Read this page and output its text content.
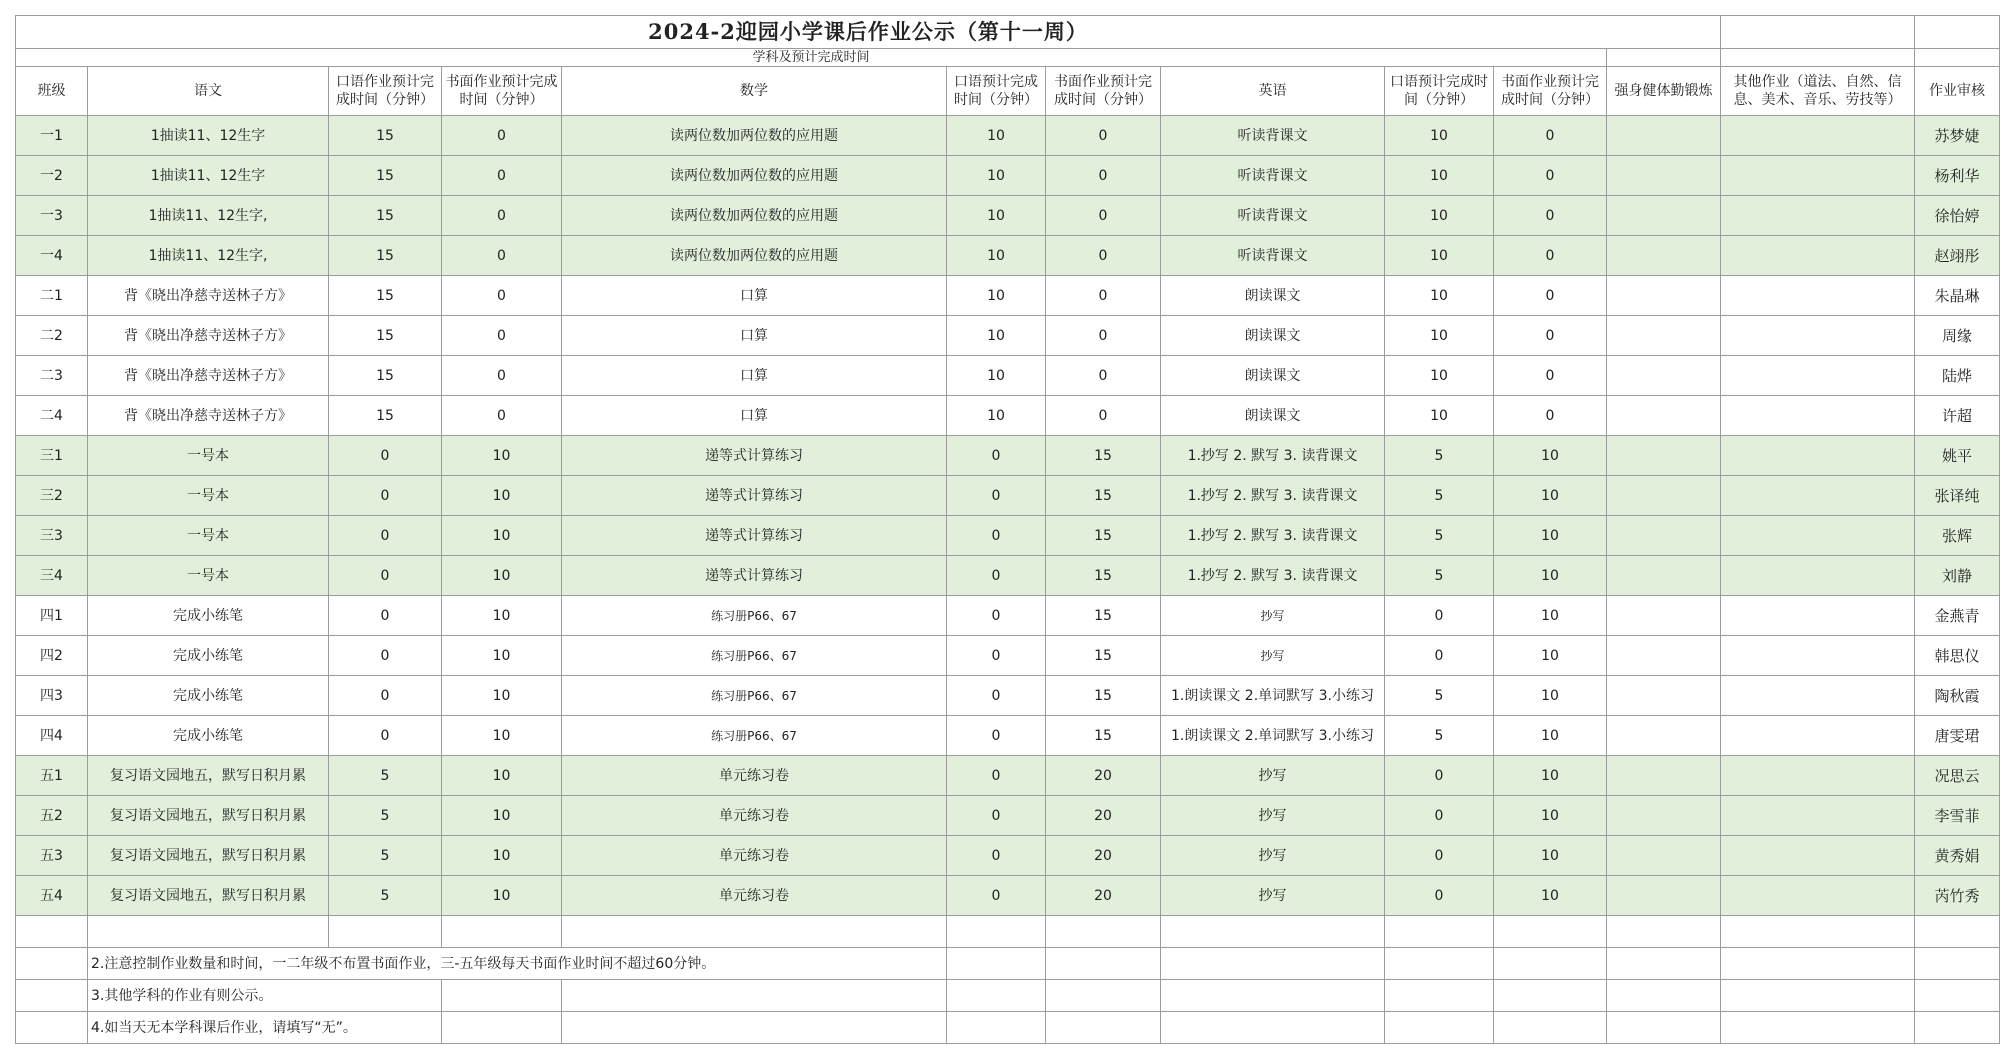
2024-2迎园小学课后作业公示（第十一周）												
学科及预计完成时间												
班级	语文	口语作业预计完成时间（分钟）	书面作业预计完成时间（分钟）	数学	口语预计完成时间（分钟）	书面作业预计完成时间（分钟）	英语	口语预计完成时间（分钟）	书面作业预计完成时间（分钟）	强身健体勤锻炼	其他作业（道法、自然、信息、美术、音乐、劳技等）	作业审核
一1	1抽读11、12生字	15	0	读两位数加两位数的应用题	10	0	听读背课文	10	0			苏梦婕
一2	1抽读11、12生字	15	0	读两位数加两位数的应用题	10	0	听读背课文	10	0			杨利华
一3	1抽读11、12生字,	15	0	读两位数加两位数的应用题	10	0	听读背课文	10	0			徐怡婷
一4	1抽读11、12生字,	15	0	读两位数加两位数的应用题	10	0	听读背课文	10	0			赵翊彤
二1	背《晓出净慈寺送林子方》	15	0	口算	10	0	朗读课文	10	0			朱晶琳
二2	背《晓出净慈寺送林子方》	15	0	口算	10	0	朗读课文	10	0			周缘
二3	背《晓出净慈寺送林子方》	15	0	口算	10	0	朗读课文	10	0			陆烨
二4	背《晓出净慈寺送林子方》	15	0	口算	10	0	朗读课文	10	0			许超
三1	一号本	0	10	递等式计算练习	0	15	1.抄写 2. 默写 3. 读背课文	5	10			姚平
三2	一号本	0	10	递等式计算练习	0	15	1.抄写 2. 默写 3. 读背课文	5	10			张译纯
三3	一号本	0	10	递等式计算练习	0	15	1.抄写 2. 默写 3. 读背课文	5	10			张辉
三4	一号本	0	10	递等式计算练习	0	15	1.抄写 2. 默写 3. 读背课文	5	10			刘静
四1	完成小练笔	0	10	练习册P66、67	0	15	抄写	0	10			金燕青
四2	完成小练笔	0	10	练习册P66、67	0	15	抄写	0	10			韩思仪
四3	完成小练笔	0	10	练习册P66、67	0	15	1.朗读课文 2.单词默写 3.小练习	5	10			陶秋霞
四4	完成小练笔	0	10	练习册P66、67	0	15	1.朗读课文 2.单词默写 3.小练习	5	10			唐雯珺
五1	复习语文园地五，默写日积月累	5	10	单元练习卷	0	20	抄写	0	10			况思云
五2	复习语文园地五，默写日积月累	5	10	单元练习卷	0	20	抄写	0	10			李雪菲
五3	复习语文园地五，默写日积月累	5	10	单元练习卷	0	20	抄写	0	10			黄秀娟
五4	复习语文园地五，默写日积月累	5	10	单元练习卷	0	20	抄写	0	10			芮竹秀

	2.注意控制作业数量和时间，一二年级不布置书面作业，三-五年级每天书面作业时间不超过60分钟。											
	3.其他学科的作业有则公示。											
	4.如当天无本学科课后作业，请填写“无”。											
